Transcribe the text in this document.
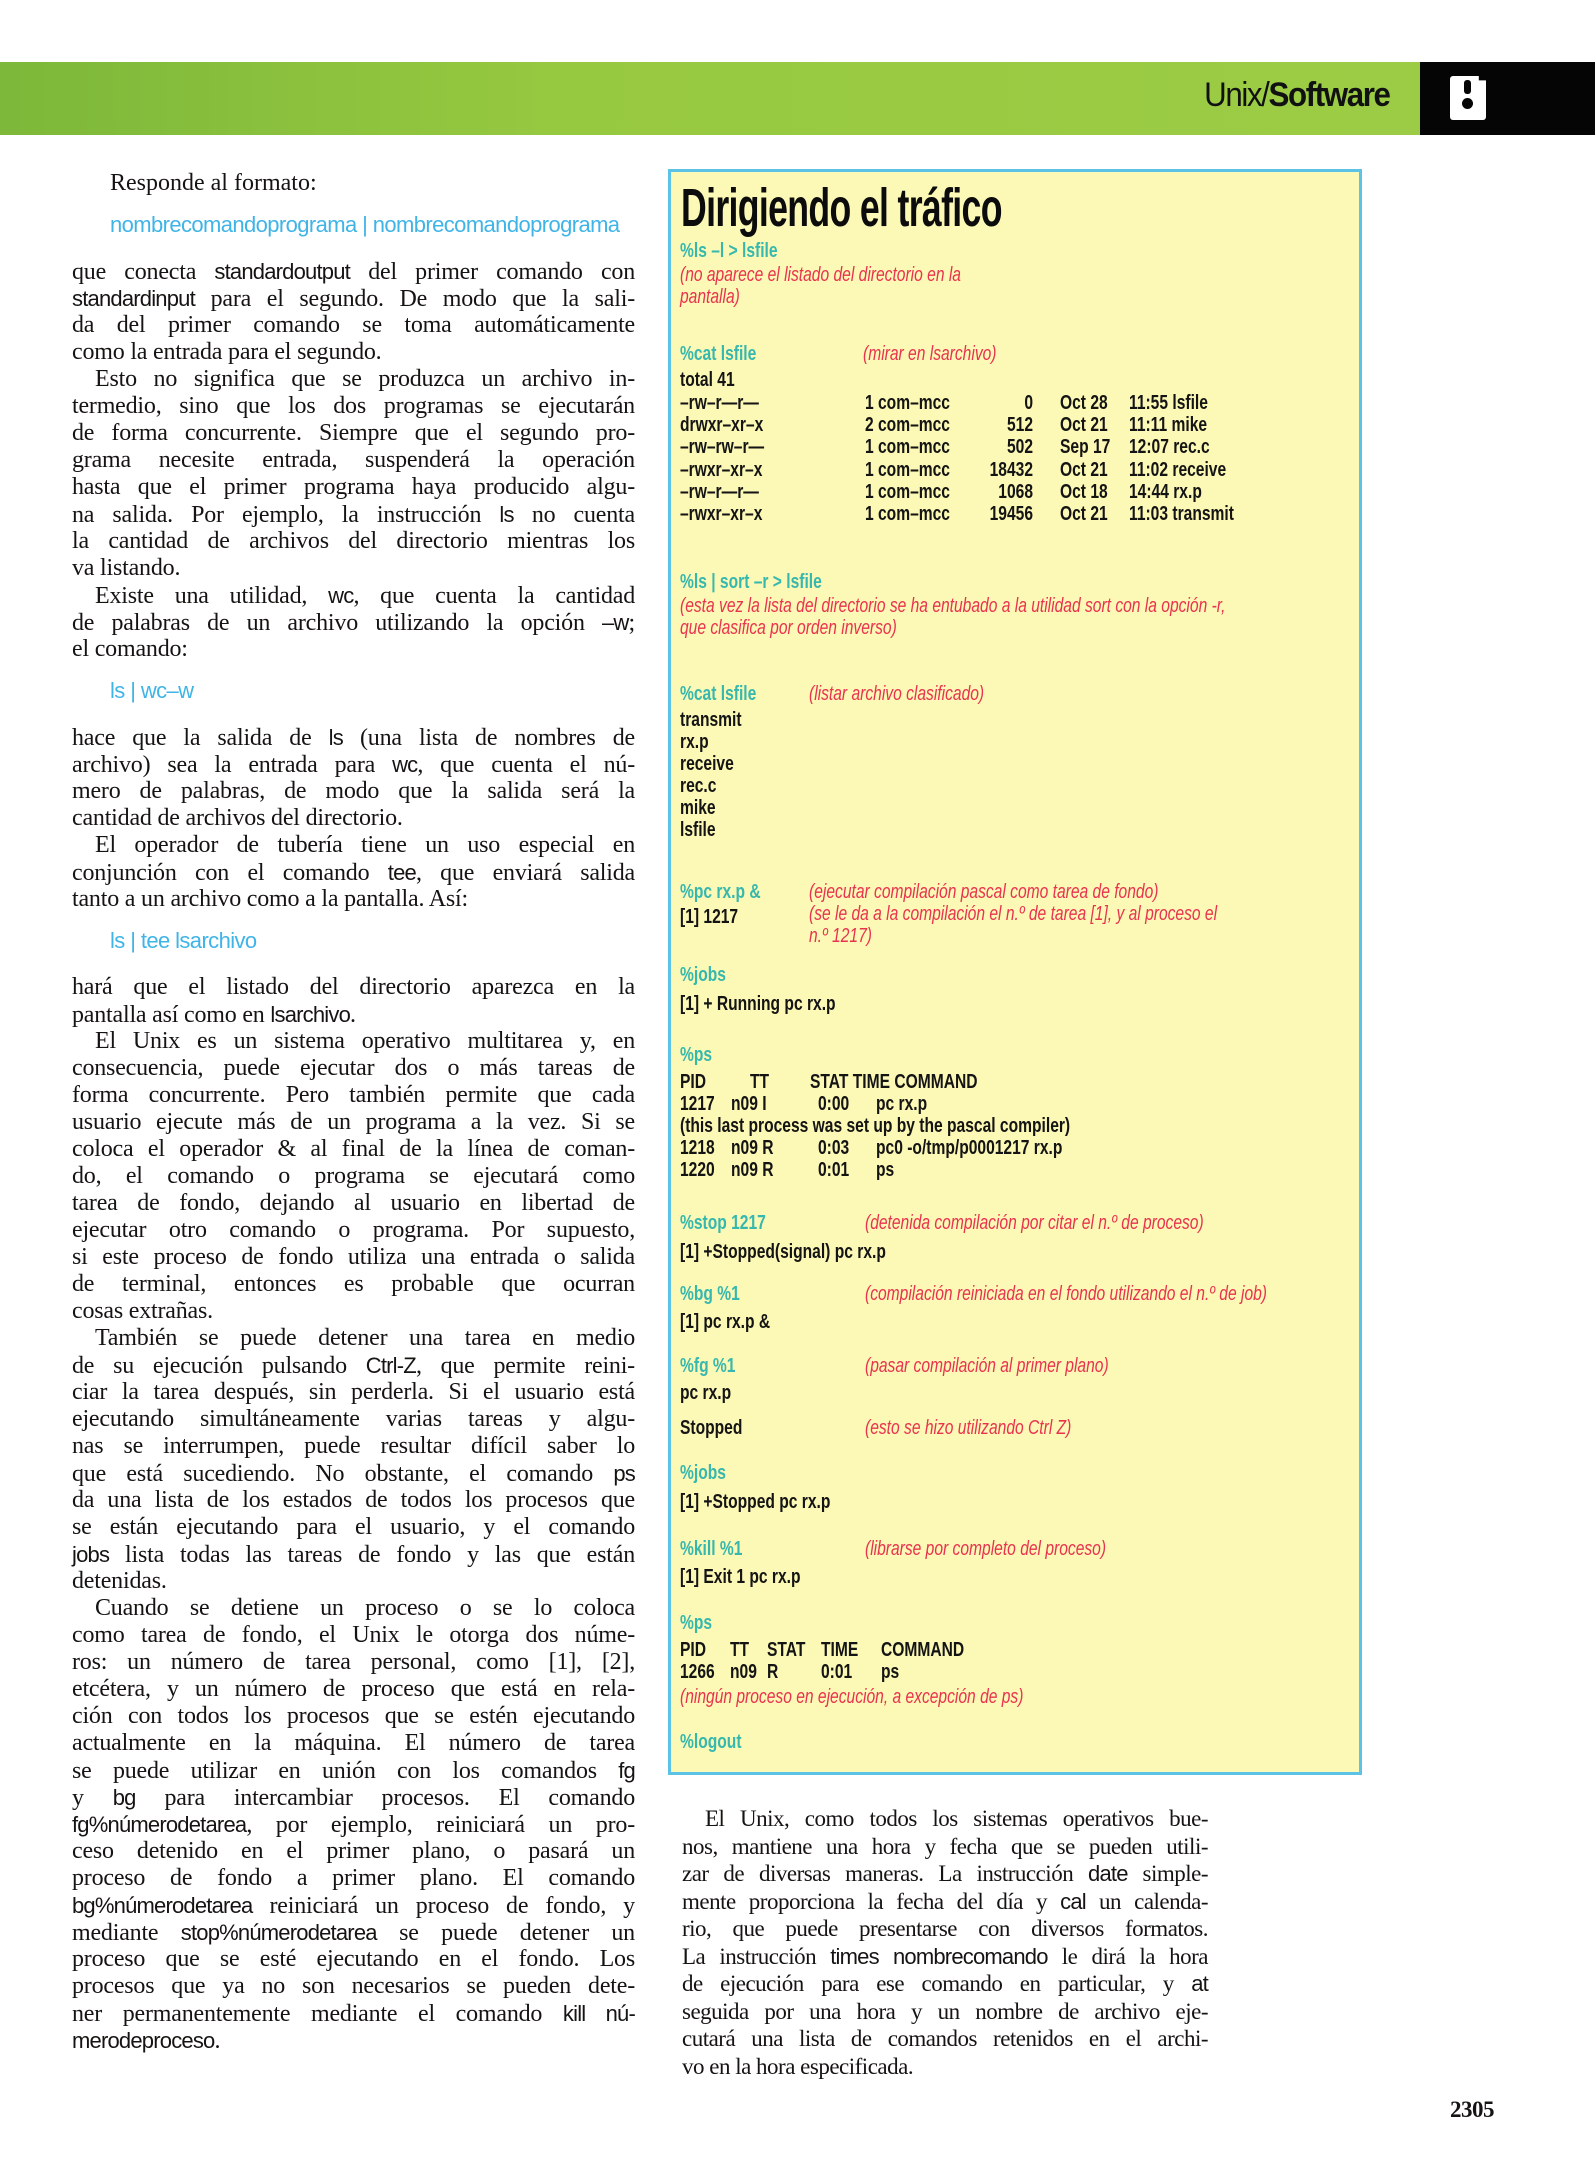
Unix/Software
Responde al formato:
nombrecomandoprograma | nombrecomandoprograma
que conecta standardoutput del primer comando con
standardinput para el segundo. De modo que la sali-
da del primer comando se toma automáticamente
como la entrada para el segundo.
Esto no significa que se produzca un archivo in-
termedio, sino que los dos programas se ejecutarán
de forma concurrente. Siempre que el segundo pro-
grama necesite entrada, suspenderá la operación
hasta que el primer programa haya producido algu-
na salida. Por ejemplo, la instrucción ls no cuenta
la cantidad de archivos del directorio mientras los
va listando.
Existe una utilidad, wc, que cuenta la cantidad
de palabras de un archivo utilizando la opción –w;
el comando:
ls | wc–w
hace que la salida de ls (una lista de nombres de
archivo) sea la entrada para wc, que cuenta el nú-
mero de palabras, de modo que la salida será la
cantidad de archivos del directorio.
El operador de tubería tiene un uso especial en
conjunción con el comando tee, que enviará salida
tanto a un archivo como a la pantalla. Así:
ls | tee lsarchivo
hará que el listado del directorio aparezca en la
pantalla así como en lsarchivo.
El Unix es un sistema operativo multitarea y, en
consecuencia, puede ejecutar dos o más tareas de
forma concurrente. Pero también permite que cada
usuario ejecute más de un programa a la vez. Si se
coloca el operador & al final de la línea de coman-
do, el comando o programa se ejecutará como
tarea de fondo, dejando al usuario en libertad de
ejecutar otro comando o programa. Por supuesto,
si este proceso de fondo utiliza una entrada o salida
de terminal, entonces es probable que ocurran
cosas extrañas.
También se puede detener una tarea en medio
de su ejecución pulsando Ctrl-Z, que permite reini-
ciar la tarea después, sin perderla. Si el usuario está
ejecutando simultáneamente varias tareas y algu-
nas se interrumpen, puede resultar difícil saber lo
que está sucediendo. No obstante, el comando ps
da una lista de los estados de todos los procesos que
se están ejecutando para el usuario, y el comando
jobs lista todas las tareas de fondo y las que están
detenidas.
Cuando se detiene un proceso o se lo coloca
como tarea de fondo, el Unix le otorga dos núme-
ros: un número de tarea personal, como [1], [2],
etcétera, y un número de proceso que está en rela-
ción con todos los procesos que se estén ejecutando
actualmente en la máquina. El número de tarea
se puede utilizar en unión con los comandos fg
y bg para intercambiar procesos. El comando
fg%númerodetarea, por ejemplo, reiniciará un pro-
ceso detenido en el primer plano, o pasará un
proceso de fondo a primer plano. El comando
bg%númerodetarea reiniciará un proceso de fondo, y
mediante stop%númerodetarea se puede detener un
proceso que se esté ejecutando en el fondo. Los
procesos que ya no son necesarios se pueden dete-
ner permanentemente mediante el comando kill nú-
merodeproceso.
Dirigiendo el tráfico
%ls –l > lsfile
(no aparece el listado del directorio en la
pantalla)
%cat lsfile	(mirar en lsarchivo)
total 41
%ls | sort –r > lsfile
(esta vez la lista del directorio se ha entubado a la utilidad sort con la opción -r,
que clasifica por orden inverso)
%cat lsfile	(listar archivo clasificado)
%pc rx.p &
[1] 1217
(ejecutar compilación pascal como tarea de fondo)
(se le da a la compilación el n.º de tarea [1], y al proceso el
n.º 1217)
%jobs
[1] + Running pc rx.p
%ps
PID TT STAT TIME COMMAND
(this last process was set up by the pascal compiler)
%stop 1217	(detenida compilación por citar el n.º de proceso)
[1] +Stopped(signal) pc rx.p
%bg %1	(compilación reiniciada en el fondo utilizando el n.º de job)
[1] pc rx.p &
%fg %1	(pasar compilación al primer plano)
pc rx.p
Stopped	(esto se hizo utilizando Ctrl Z)
%jobs
[1] +Stopped pc rx.p
%kill %1	(librarse por completo del proceso)
[1] Exit 1 pc rx.p
%ps
PID TT STAT TIME COMMAND
1266 n09 R 0:01 ps
(ningún proceso en ejecución, a excepción de ps)
%logout
–rw–r—r—	1 com–mcc	0 Oct 28 11:55 lsfile
drwxr–xr–x	2 com–mcc	512 Oct 21 11:11 mike
–rw–rw–r—	1 com–mcc	502 Sep 17 12:07 rec.c
–rwxr–xr–x	1 com–mcc	18432 Oct 21 11:02 receive
–rw–r—r—	1 com–mcc	1068 Oct 18 14:44 rx.p
–rwxr–xr–x	1 com–mcc	19456 Oct 21 11:03 transmit
transmit
rx.p
receive
rec.c
mike
lsfile
1217 n09 I	0:00 pc rx.p
1218 n09 R 0:03 pc0 -o/tmp/p0001217 rx.p
1220 n09 R 0:01 ps
El Unix, como todos los sistemas operativos bue-
nos, mantiene una hora y fecha que se pueden utili-
zar de diversas maneras. La instrucción date simple-
mente proporciona la fecha del día y cal un calenda-
rio, que puede presentarse con diversos formatos.
La instrucción times nombrecomando le dirá la hora
de ejecución para ese comando en particular, y at
seguida por una hora y un nombre de archivo eje-
cutará una lista de comandos retenidos en el archi-
vo en la hora especificada.
2305
